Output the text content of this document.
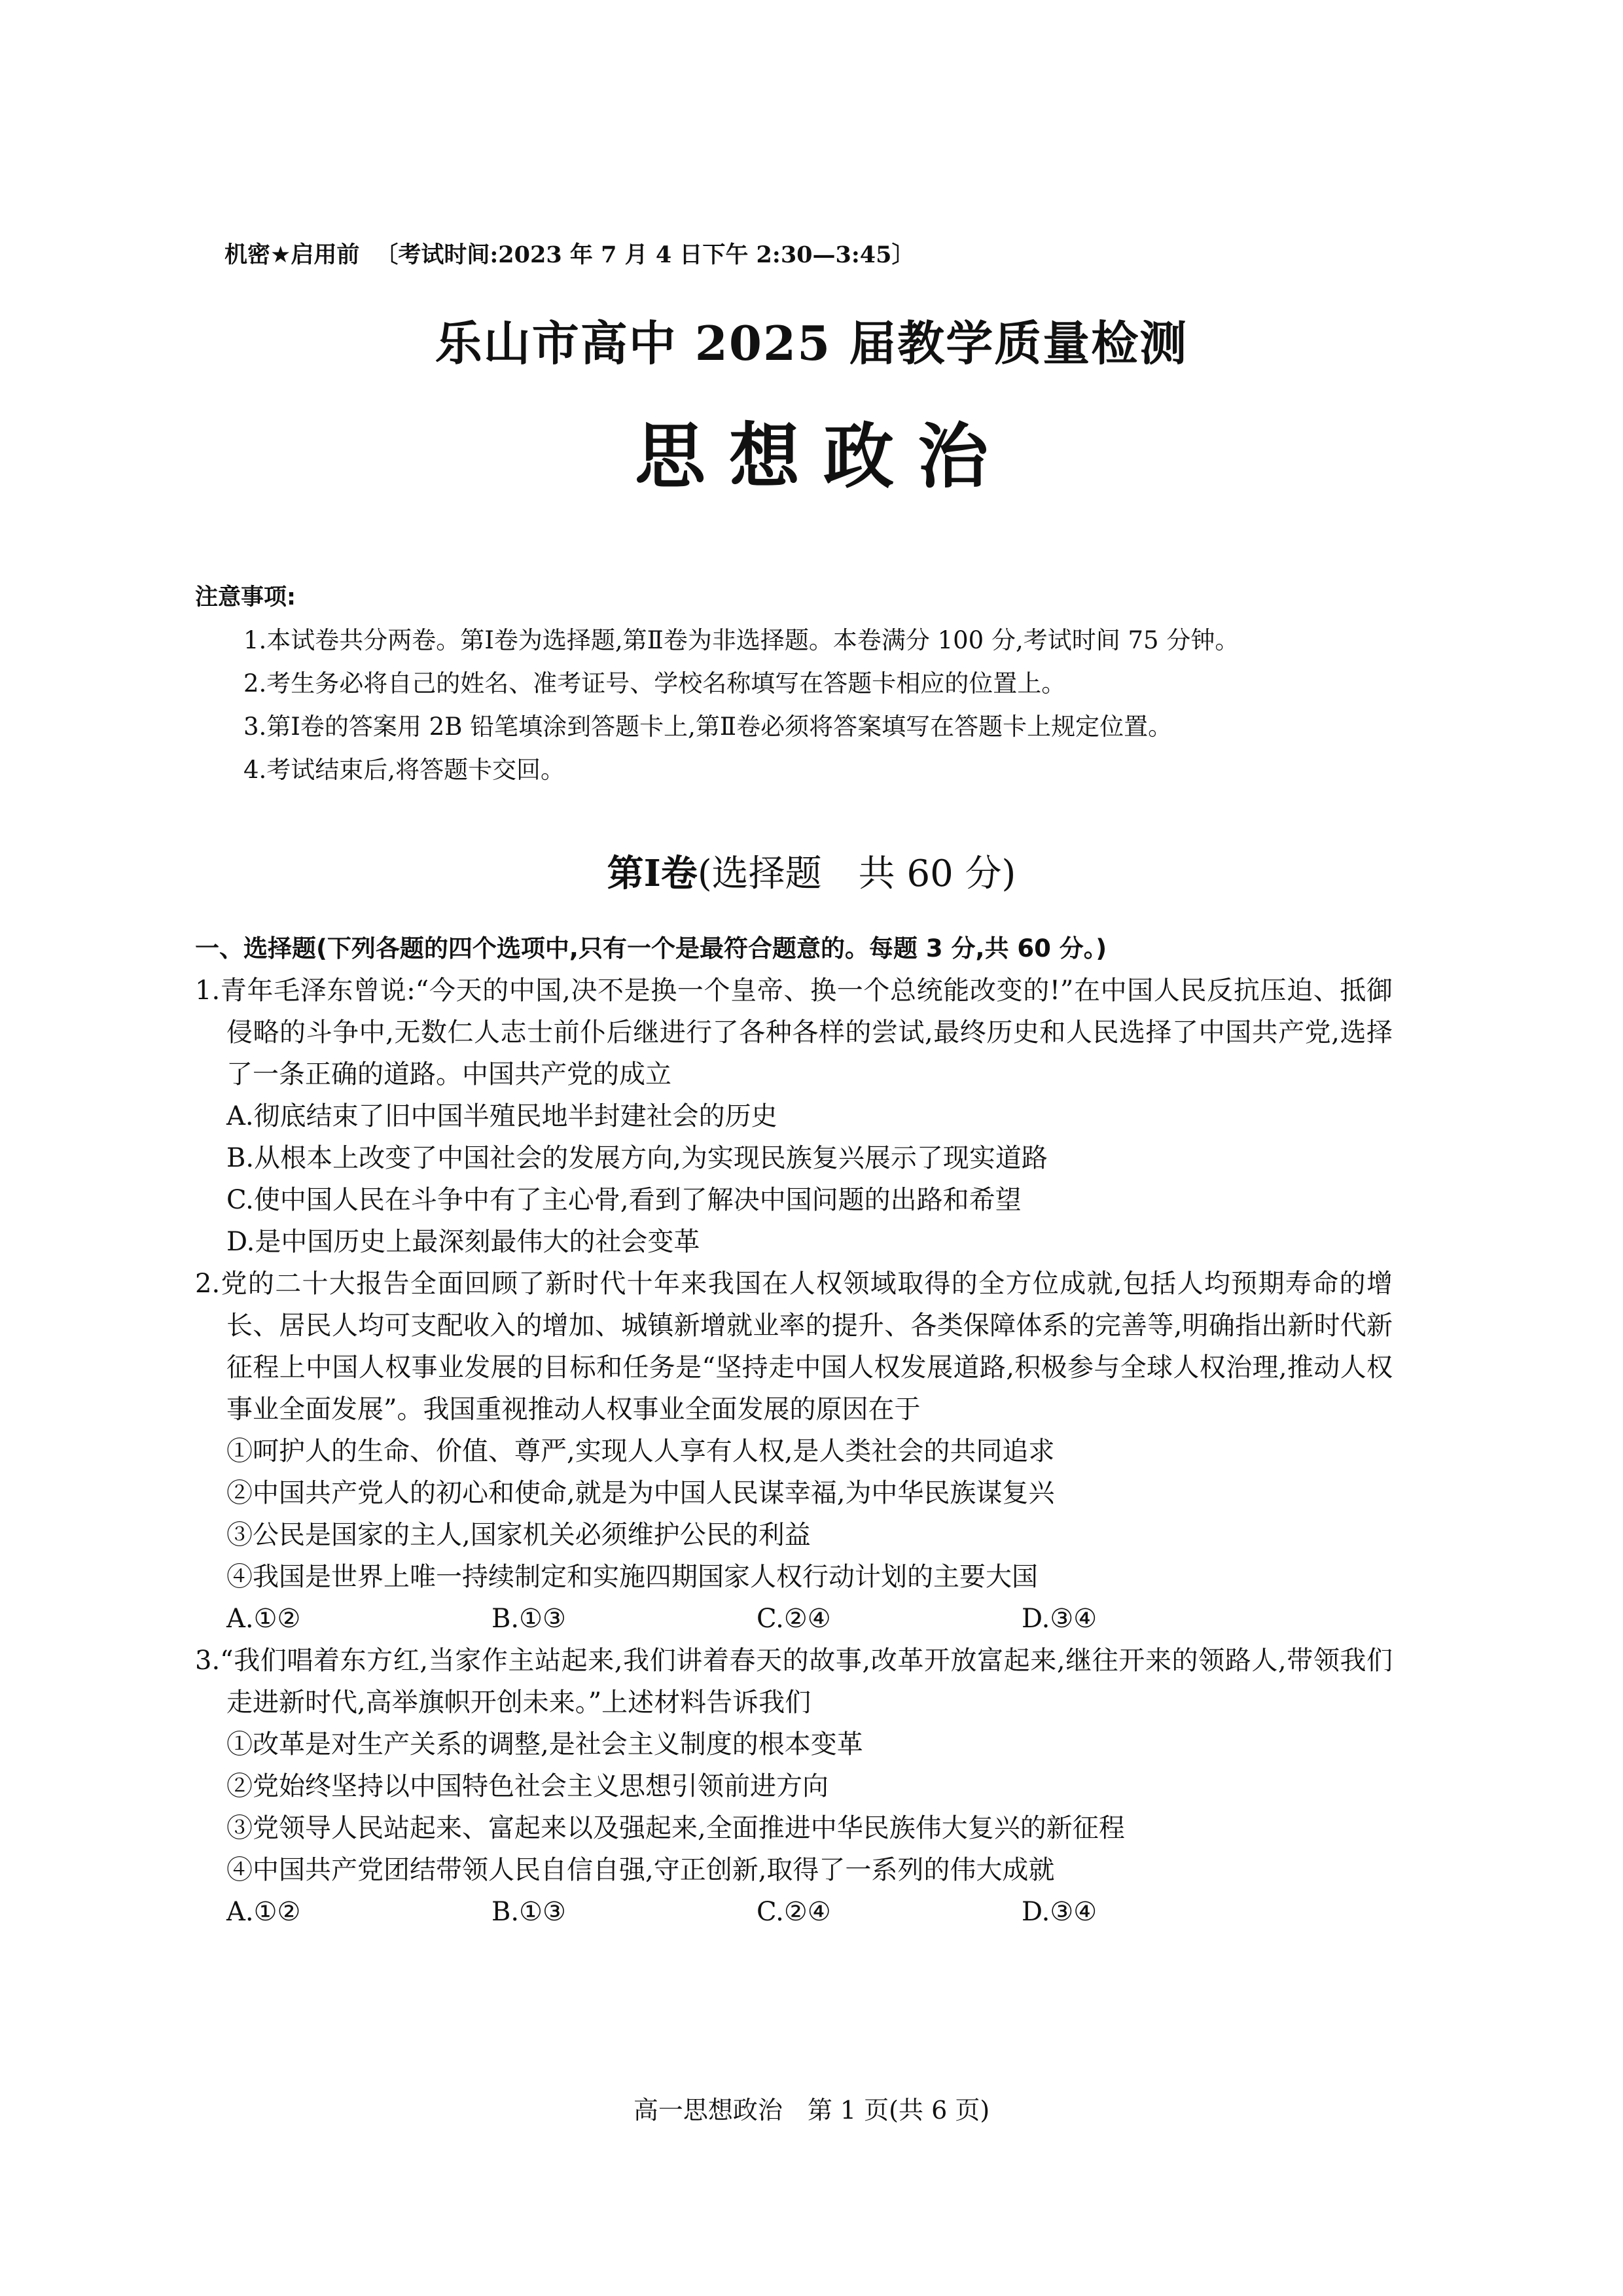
机密★启用前 〔考试时间:2023 年 7 月 4 日下午 2:30—3:45〕
乐山市高中 2025 届教学质量检测
思想政治
注意事项:
1.本试卷共分两卷。第Ⅰ卷为选择题,第Ⅱ卷为非选择题。本卷满分 100 分,考试时间 75 分钟。
2.考生务必将自己的姓名、准考证号、学校名称填写在答题卡相应的位置上。
3.第Ⅰ卷的答案用 2B 铅笔填涂到答题卡上,第Ⅱ卷必须将答案填写在答题卡上规定位置。
4.考试结束后,将答题卡交回。
第Ⅰ卷(选择题　共 60 分)
一、选择题(下列各题的四个选项中,只有一个是最符合题意的。每题 3 分,共 60 分。)
1.青年毛泽东曾说:“今天的中国,决不是换一个皇帝、换一个总统能改变的!”在中国人民反抗压迫、抵御侵略的斗争中,无数仁人志士前仆后继进行了各种各样的尝试,最终历史和人民选择了中国共产党,选择了一条正确的道路。中国共产党的成立
A.彻底结束了旧中国半殖民地半封建社会的历史
B.从根本上改变了中国社会的发展方向,为实现民族复兴展示了现实道路
C.使中国人民在斗争中有了主心骨,看到了解决中国问题的出路和希望
D.是中国历史上最深刻最伟大的社会变革
2.党的二十大报告全面回顾了新时代十年来我国在人权领域取得的全方位成就,包括人均预期寿命的增长、居民人均可支配收入的增加、城镇新增就业率的提升、各类保障体系的完善等,明确指出新时代新征程上中国人权事业发展的目标和任务是“坚持走中国人权发展道路,积极参与全球人权治理,推动人权事业全面发展”。我国重视推动人权事业全面发展的原因在于
①呵护人的生命、价值、尊严,实现人人享有人权,是人类社会的共同追求
②中国共产党人的初心和使命,就是为中国人民谋幸福,为中华民族谋复兴
③公民是国家的主人,国家机关必须维护公民的利益
④我国是世界上唯一持续制定和实施四期国家人权行动计划的主要大国
A.①②	B.①③	C.②④	D.③④
3.“我们唱着东方红,当家作主站起来,我们讲着春天的故事,改革开放富起来,继往开来的领路人,带领我们走进新时代,高举旗帜开创未来。”上述材料告诉我们
①改革是对生产关系的调整,是社会主义制度的根本变革
②党始终坚持以中国特色社会主义思想引领前进方向
③党领导人民站起来、富起来以及强起来,全面推进中华民族伟大复兴的新征程
④中国共产党团结带领人民自信自强,守正创新,取得了一系列的伟大成就
A.①②	B.①③	C.②④	D.③④
高一思想政治　第 1 页(共 6 页)
